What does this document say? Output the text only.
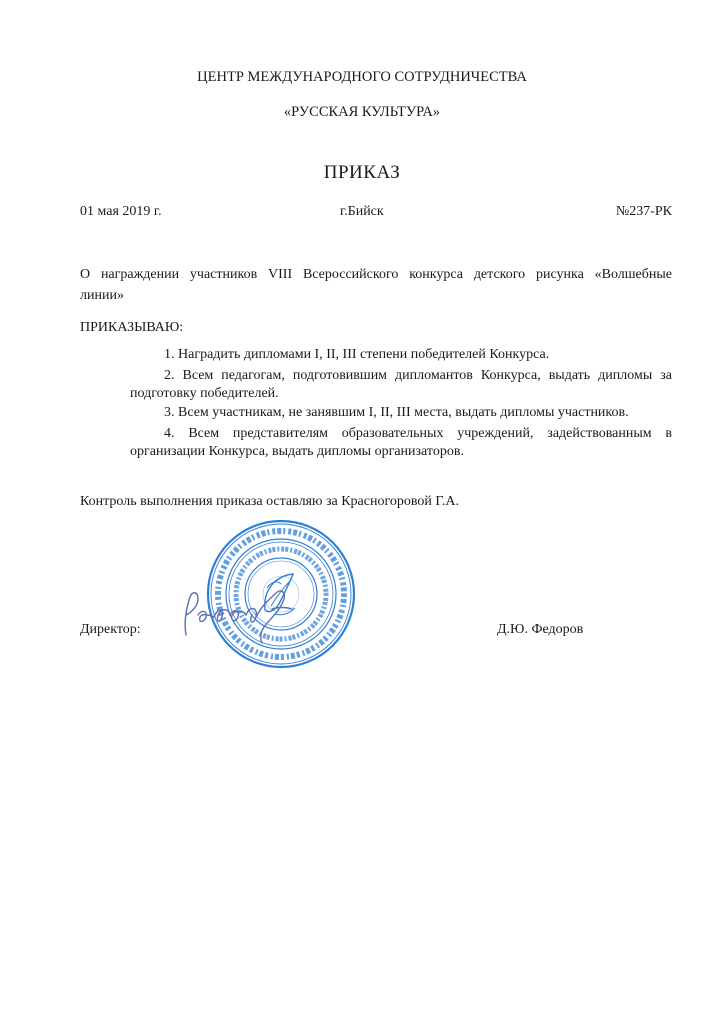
ЦЕНТР МЕЖДУНАРОДНОГО СОТРУДНИЧЕСТВА
«РУССКАЯ КУЛЬТУРА»
ПРИКАЗ
01 мая 2019 г.	г.Бийск	№237-РК
О награждении участников VIII Всероссийского конкурса детского рисунка «Волшебные
линии»
ПРИКАЗЫВАЮ:
1. Наградить дипломами I, II, III степени победителей Конкурса.
2. Всем педагогам, подготовившим дипломантов Конкурса, выдать дипломы за
подготовку победителей.
3. Всем участникам, не занявшим I, II, III места, выдать дипломы участников.
4. Всем представителям образовательных учреждений, задействованным в
организации Конкурса, выдать дипломы организаторов.
Контроль выполнения приказа оставляю за Красногоровой Г.А.
Директор:	Д.Ю. Федоров
